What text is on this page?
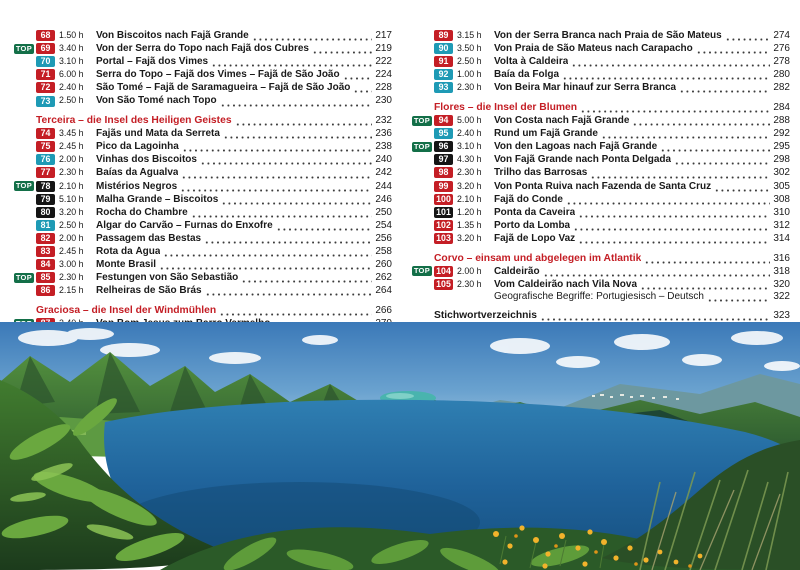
68 1.50 h	Von Biscoitos nach Fajã Grande	217
TOP 69 3.40 h	Von der Serra do Topo nach Fajã dos Cubres	219
70 3.10 h	Portal – Fajã dos Vimes	222
71 6.00 h	Serra do Topo – Fajã dos Vimes – Fajã de São João	224
72 2.40 h	São Tomé – Fajã de Saramagueira – Fajã de São João 228
73 2.50 h	Von São Tomé nach Topo	230
Terceira – die Insel des Heiligen Geistes	232
74 3.45 h	Fajãs und Mata da Serreta	236
75 2.45 h	Pico da Lagoinha	238
76 2.00 h	Vinhas dos Biscoitos	240
77 2.30 h	Baías da Agualva	242
TOP 78 2.10 h	Mistérios Negros	244
79 5.10 h	Malha Grande – Biscoitos	246
80 3.20 h	Rocha do Chambre	250
81 2.50 h	Algar do Carvão – Furnas do Enxofre	254
82 2.00 h	Passagem das Bestas	256
83 2.45 h	Rota da Água	258
84 3.00 h	Monte Brasil	260
TOP 85 2.30 h	Festungen von São Sebastião	262
86 2.15 h	Relheiras de São Brás	264
Graciosa – die Insel der Windmühlen	266
89 3.15 h	Von der Serra Branca nach Praia de São Mateus	274
90 3.50 h	Von Praia de São Mateus nach Carapacho	276
91 2.50 h	Volta à Caldeira	278
92 1.00 h	Baía da Folga	280
93 2.30 h	Von Beira Mar hinauf zur Serra Branca	282
Flores – die Insel der Blumen	284
TOP 94 5.00 h	Von Costa nach Fajã Grande	288
95 2.40 h	Rund um Fajã Grande	292
TOP 96 3.10 h	Von den Lagoas nach Fajã Grande	295
97 4.30 h	Von Fajã Grande nach Ponta Delgada	298
98 2.30 h	Trilho das Barrosas	302
99 3.20 h	Von Ponta Ruiva nach Fazenda de Santa Cruz	305
100 2.10 h	Fajã do Conde	308
101 1.20 h	Ponta da Caveira	310
102 1.35 h	Porto da Lomba	312
103 3.20 h	Fajã de Lopo Vaz	314
Corvo – einsam und abgelegen im Atlantik	316
TOP 104 2.00 h	Caldeirão	318
105 2.30 h	Vom Caldeirão nach Vila Nova	320
Geografische Begriffe: Portugiesisch – Deutsch	322
Stichwortverzeichnis	323
